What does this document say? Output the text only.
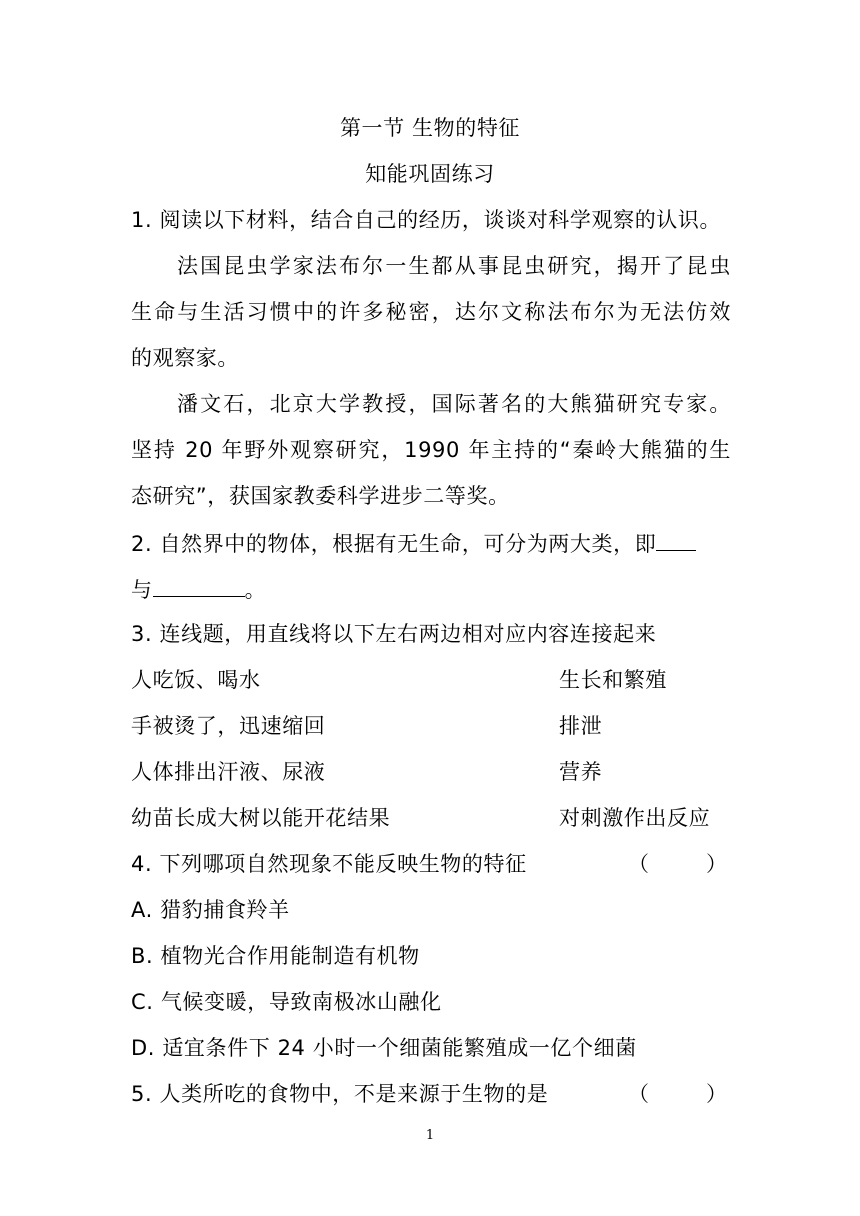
第一节 生物的特征
知能巩固练习
1. 阅读以下材料，结合自己的经历，谈谈对科学观察的认识。
法国昆虫学家法布尔一生都从事昆虫研究，揭开了昆虫
生命与生活习惯中的许多秘密，达尔文称法布尔为无法仿效
的观察家。
潘文石，北京大学教授，国际著名的大熊猫研究专家。
坚持 20 年野外观察研究，1990 年主持的“秦岭大熊猫的生
态研究”，获国家教委科学进步二等奖。
2. 自然界中的物体，根据有无生命，可分为两大类，即
与	。
3. 连线题，用直线将以下左右两边相对应内容连接起来
人吃饭、喝水	生长和繁殖
手被烫了，迅速缩回	排泄
人体排出汗液、尿液	营养
幼苗长成大树以能开花结果	对刺激作出反应
4. 下列哪项自然现象不能反映生物的特征	（	）
A. 猎豹捕食羚羊
B. 植物光合作用能制造有机物
C. 气候变暖，导致南极冰山融化
D. 适宜条件下 24 小时一个细菌能繁殖成一亿个细菌
5. 人类所吃的食物中，不是来源于生物的是	（	）
1
